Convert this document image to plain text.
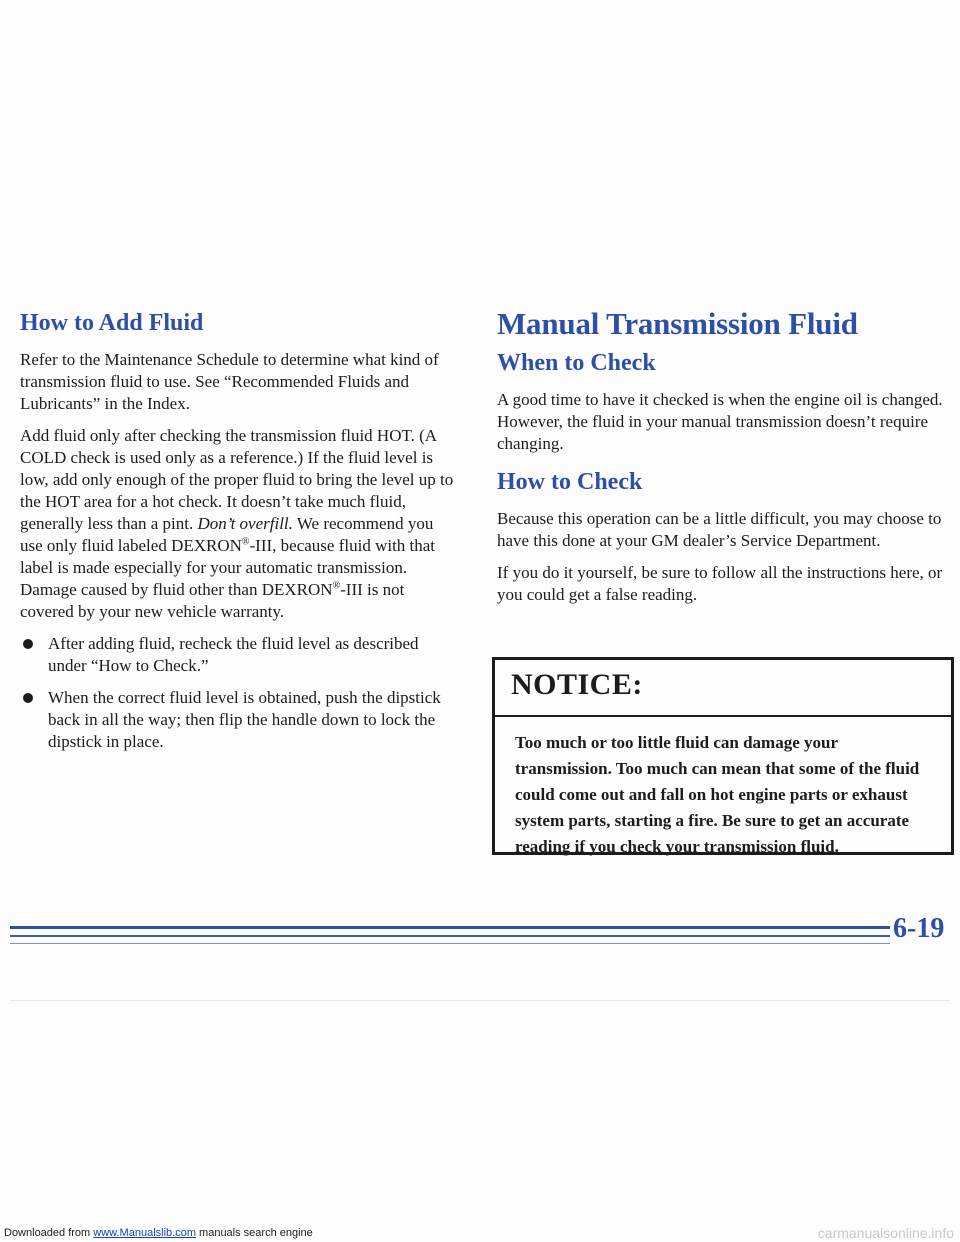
How to Add Fluid

Refer to the Maintenance Schedule to determine what kind of transmission fluid to use. See “Recommended Fluids and Lubricants” in the Index.

Add fluid only after checking the transmission fluid HOT. (A COLD check is used only as a reference.) If the fluid level is low, add only enough of the proper fluid to bring the level up to the HOT area for a hot check. It doesn’t take much fluid, generally less than a pint. Don’t overfill. We recommend you use only fluid labeled DEXRON®-III, because fluid with that label is made especially for your automatic transmission. Damage caused by fluid other than DEXRON®-III is not covered by your new vehicle warranty.

After adding fluid, recheck the fluid level as described under “How to Check.”
When the correct fluid level is obtained, push the dipstick back in all the way; then flip the handle down to lock the dipstick in place.
Manual Transmission Fluid
When to Check

A good time to have it checked is when the engine oil is changed. However, the fluid in your manual transmission doesn’t require changing.

How to Check

Because this operation can be a little difficult, you may choose to have this done at your GM dealer’s Service Department.

If you do it yourself, be sure to follow all the instructions here, or you could get a false reading.

NOTICE:
Too much or too little fluid can damage your transmission. Too much can mean that some of the fluid could come out and fall on hot engine parts or exhaust system parts, starting a fire. Be sure to get an accurate reading if you check your transmission fluid.
6-19
Downloaded from www.Manualslib.com manuals search engine	carmanualsonline.info
